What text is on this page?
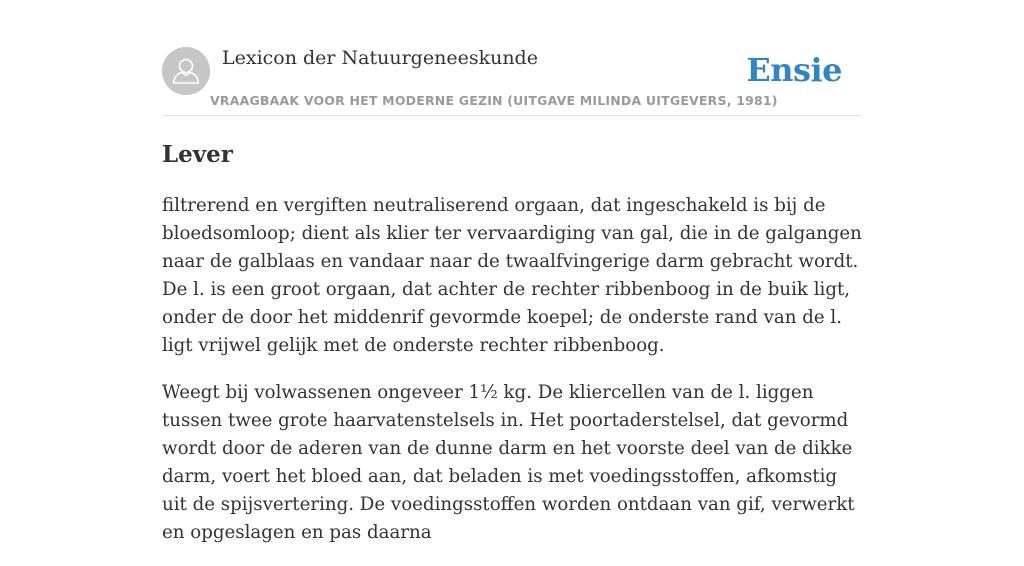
Lexicon der Natuurgeneeskunde
VRAAGBAAK VOOR HET MODERNE GEZIN (UITGAVE MILINDA UITGEVERS, 1981)
Ensie
Lever

filtrerend en vergiften neutraliserend orgaan, dat ingeschakeld is bij de bloedsomloop; dient als klier ter vervaardiging van gal, die in de galgangen naar de galblaas en vandaar naar de twaalfvingerige darm gebracht wordt. De l. is een groot orgaan, dat achter de rechter ribbenboog in de buik ligt, onder de door het middenrif gevormde koepel; de onderste rand van de l. ligt vrijwel gelijk met de onderste rechter ribbenboog.

Weegt bij volwassenen ongeveer 1½ kg. De kliercellen van de l. liggen tussen twee grote haarvatenstelsels in. Het poortaderstelsel, dat gevormd wordt door de aderen van de dunne darm en het voorste deel van de dikke darm, voert het bloed aan, dat beladen is met voedingsstoffen, afkomstig uit de spijsvertering. De voedingsstoffen worden ontdaan van gif, verwerkt en opgeslagen en pas daarna
